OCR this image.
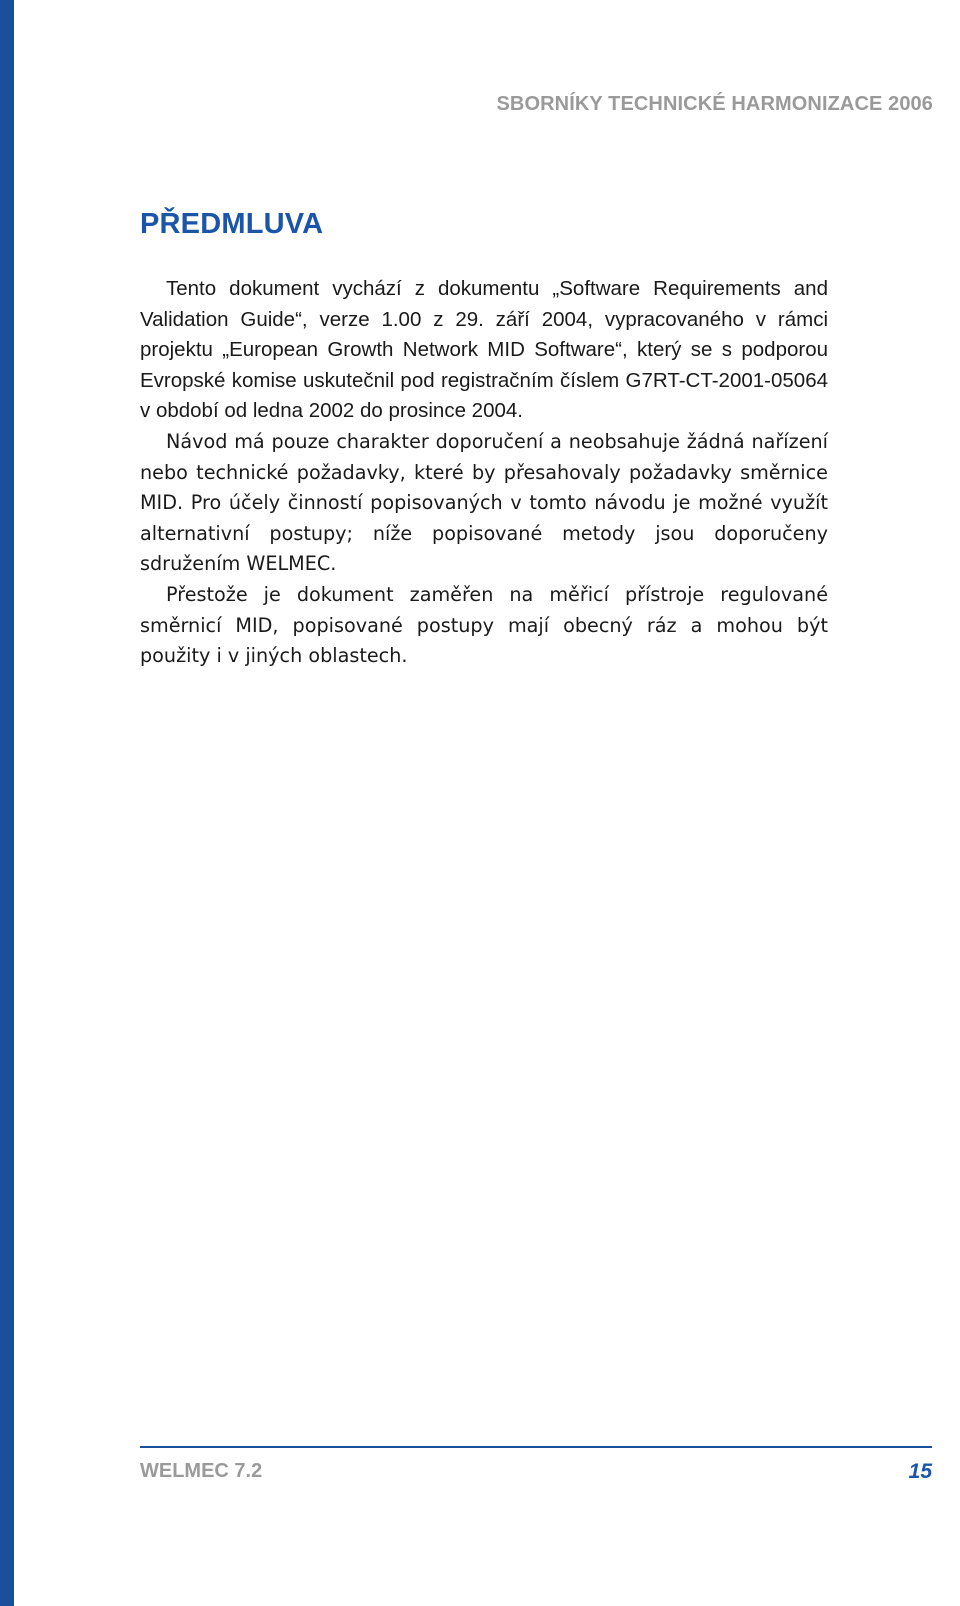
SBORNÍKY TECHNICKÉ HARMONIZACE 2006
PŘEDMLUVA

Tento dokument vychází z dokumentu „Software Requirements and Validation Guide“, verze 1.00 z 29. září 2004, vypracovaného v rámci projektu „European Growth Network MID Software“, který se s podporou Evropské komise uskutečnil pod registračním číslem G7RT-CT-2001-05064 v období od ledna 2002 do prosince 2004.

Návod má pouze charakter doporučení a neobsahuje žádná nařízení nebo technické požadavky, které by přesahovaly požadavky směrnice MID. Pro účely činností popisovaných v tomto návodu je možné využít alternativní postupy; níže popisované metody jsou doporučeny sdružením WELMEC.

Přestože je dokument zaměřen na měřicí přístroje regulované směrnicí MID, popisované postupy mají obecný ráz a mohou být použity i v jiných oblastech.

WELMEC 7.2	15
